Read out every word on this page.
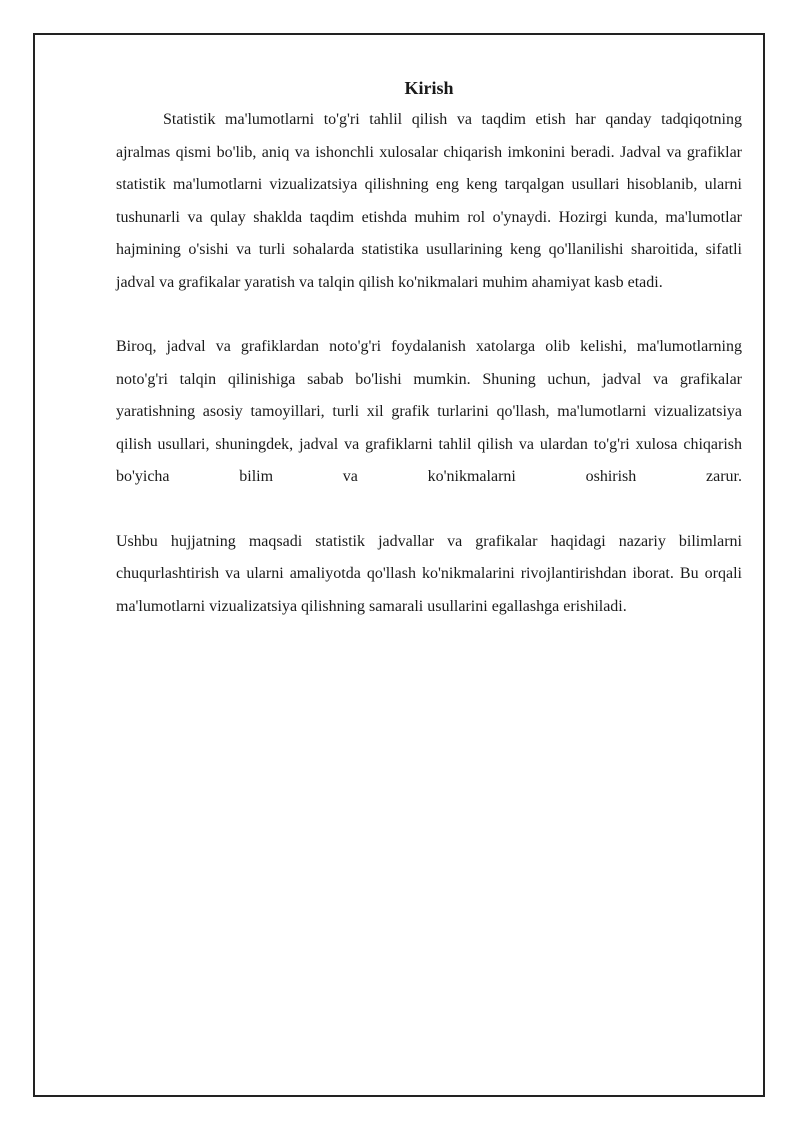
Kirish

Statistik ma'lumotlarni to'g'ri tahlil qilish va taqdim etish har qanday tadqiqotning ajralmas qismi bo'lib, aniq va ishonchli xulosalar chiqarish imkonini beradi. Jadval va grafiklar statistik ma'lumotlarni vizualizatsiya qilishning eng keng tarqalgan usullari hisoblanib, ularni tushunarli va qulay shaklda taqdim etishda muhim rol o'ynaydi. Hozirgi kunda, ma'lumotlar hajmining o'sishi va turli sohalarda statistika usullarining keng qo'llanilishi sharoitida, sifatli jadval va grafikalar yaratish va talqin qilish ko'nikmalari muhim ahamiyat kasb etadi.

Biroq, jadval va grafiklardan noto'g'ri foydalanish xatolarga olib kelishi, ma'lumotlarning noto'g'ri talqin qilinishiga sabab bo'lishi mumkin. Shuning uchun, jadval va grafikalar yaratishning asosiy tamoyillari, turli xil grafik turlarini qo'llash, ma'lumotlarni vizualizatsiya qilish usullari, shuningdek, jadval va grafiklarni tahlil qilish va ulardan to'g'ri xulosa chiqarish bo'yicha bilim va ko'nikmalarni oshirish zarur.

Ushbu hujjatning maqsadi statistik jadvallar va grafikalar haqidagi nazariy bilimlarni chuqurlashtirish va ularni amaliyotda qo'llash ko'nikmalarini rivojlantirishdan iborat. Bu orqali ma'lumotlarni vizualizatsiya qilishning samarali usullarini egallashga erishiladi.
